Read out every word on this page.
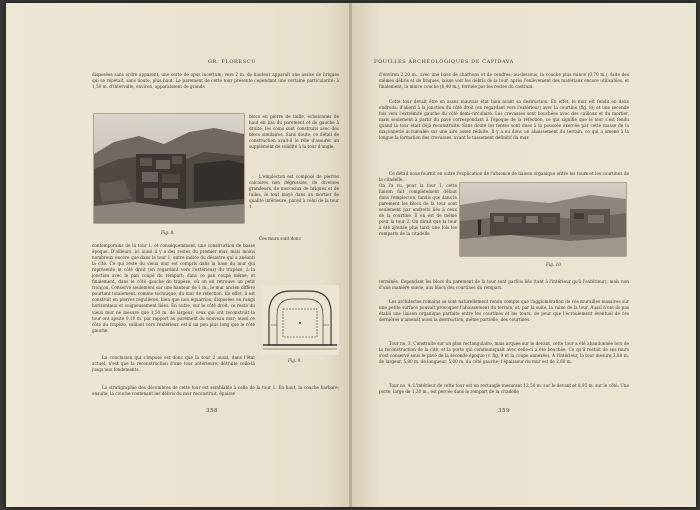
GR. FLORESCU

disposées sans ordre apparent, une sorte de opus incertum; vers 2 m. de hauteur apparaît une assise de briques qui se répétait, sans doute, plus haut. Le parement de cette tour présente cependant une certaine particularité: à 1,50 m. d'intervalle, environ, apparaissent de grands

Fig. 8.

blocs en pierre de taille, échelonnés de haut en bas du parement et de gauche à droite; les coins sont construits avec des blocs similaires. Sans doute, ce détail de construction avait-il le rôle d'assurer un supplément de solidité à la tour d'angle.

L'emplecton est composé de pierres calcaires non dégrossies, de diverses grandeurs, de morceaux de briques et de tuiles, le tout mayé dans un mortier de qualité inférieure, pareil à celui de la tour 1.

Ces murs sont donc

contemporains de la tour 1, et conséquemment, une construction de basse époque. D'ailleurs, ici aussi il y a des restes du premier mur, mais moins nombreux encore que dans la tour 1, entre indice du désastre qui a anéanti la cité. Ce qui reste du vieux mur est compris dans la base du mur qui représente le côté droit (en regardant vers l'extérieur) du trapèze, à la jonction avec le pan coupé du rempart; dans ce pan coupé même; et finalement, dans le côté gauche du trapèze, où on en retrouve un petit tronçon. Conservé seulement sur une hauteur de 1 m., le mur ancien diffère pourtant totalement, comme technique, du mur de réfection. En effet, il est construit en pierres régulières, bien que non équarries, disposées en rangs horizontaux et soigneusement liées. En outre, sur le côté droit, ce reste du vieux mur ne mesure que 1,50 m. de largeur; ceux qui ont reconstruit la tour ont ajouté 0,10 m. par rapport au parement du nouveau mur; aussi ce côté du trapèze, saillant vers l'extérieur, est-il un peu plus long que le côté gauche.

Fig. 9.

La conclusion qui s'impose est donc que la tour 2 aussi, dans l'état actuel, n'est que la reconstruction d'une tour antérieure, détruite celle-là jusqu'aux fondements.

La stratigraphie des décombres de cette tour est semblable à celle de la tour 1. En haut, la couche barbare; ensuite, la couche contenant les débris du mur reconstruit, épaisse

358
FOUILLES ARCHÉOLOGIQUES DE CAPIDAVA

d'environ 2,20 m., avec une base de charbons et de cendres; au-dessous, la couche plus mince (0,70 m.), faite des mêmes débris et de briques, laisse voir les débris de la tour, après l'enlèvement des matériaux encore utilisables, et finalement, la mince couche (0,40 m.), formée par les restes du castrum.

Cette tour devait être en assez mauvais état bien avant sa destruction. En effet, le mur est fendu en deux endroits: d'abord à la jonction du côté droit (en regardant vers l'extérieur) avec la courtine (fig. 8); et une seconde fois vers l'extrémité gauche du côté demi-circulaire. Les crevasses sont bouchées avec des cailloux et du mortier, mais seulement à partir du pavé correspondant à l'époque de la réfection, ce qui signifie que le mur s'est fendu quand la tour était déjà reconstruite. Sans doute les fentes sont dues à la poussée exercée par cette masse de la maçonnerie accumulée sur une aire assez réduite. Il y a eu donc un abaissement du terrain, ce qui a amené à la longue la formation des crevasses, avant le tassement définitif du mur.

Ce détail nous fournit en outre l'explication de l'absence de liaison organique entre les tours et les courtines de la citadelle.

On l'a vu, pour la tour 1, cette liaison fait complètement défaut dans l'emplecton, tandis que dans le parement les blocs de la tour sont seulement par endroits liés à ceux de la courtine. Il en est de même pour la tour 2. On dirait que la tour a été ajoutée plus tard; une fois les remparts de la citadelle

Fig. 10.

terminés. Cependant les blocs du parement de la tour sont parfois liés (tant à l'intérieur qu'à l'extérieur), mais non d'une manière suivie, aux blocs des courtines du rempart.

Les architectes romains se sont naturellement rendu compte que l'agglomération de ces murailles massives sur une petite surface pouvait provoquer l'abaissement du terrain, et, par la suite, la ruine de la tour. Aussi n'ont-ils pas établi une liaison organique parfaite entre les courtines et les tours, de peur que l'écroulement éventuel de ces dernières n'amenât aussi la destruction, même partielle, des courtines.

Tour no. 3. Construite sur un plan rectangulaire, mais arquée sur le devant, cette tour a été abandonnée lors de la reconstruction de la cité, et la porte qui communiquait avec celle-ci a été bouchée. Ce qu'il restait de ses murs s'est conservé sous le pavé de la seconde époque (v. fig. 9 et la coupe annexée). À l'intérieur, la tour mesure 3,80 m. de largeur, 5,80 m. de longueur, 5,00 m. du côté gauche; l'épaisseur du mur est de 2,60 m.

Tour no. 4. L'intérieur de cette tour est un rectangle mesurant 12,50 m. sur le devant et 8,95 m. sur le côté. Une porte, large de 1,20 m., est percée dans le rempart de la citadelle

359
